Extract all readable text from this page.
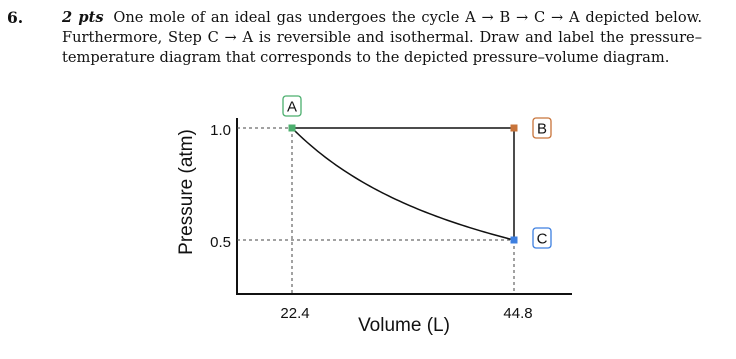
6.	2 pts One mole of an ideal gas undergoes the cycle A → B → C → A depicted below. Furthermore, Step C → A is reversible and isothermal. Draw and label the pressure– temperature diagram that corresponds to the depicted pressure–volume diagram.
Pressure (atm)
Volume (L)
1.0
0.5
22.4	44.8
A
B
C
